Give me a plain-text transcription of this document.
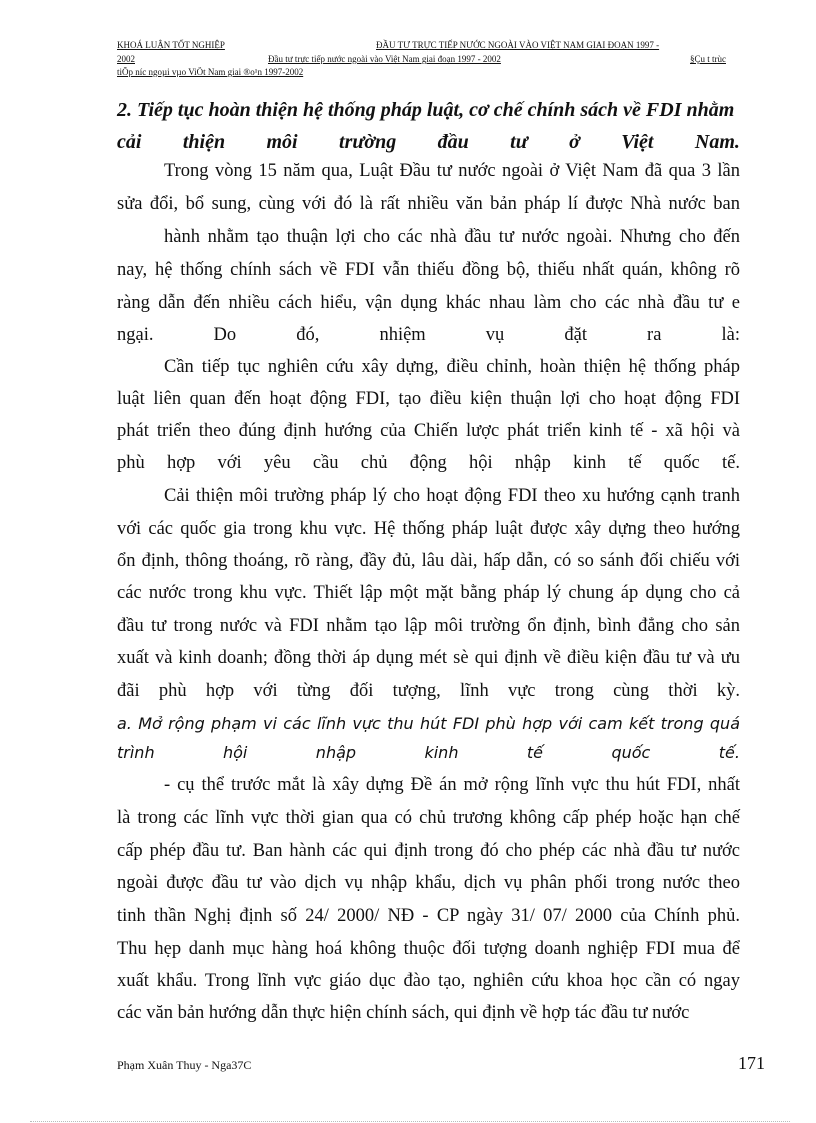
KHOÁ LUẬN TỐT NGHIỆP	ĐẦU TƯ TRỰC TIẾP NƯỚC NGOÀI VÀO VIỆT NAM GIAI ĐOẠN 1997 -
2002	Đầu tư trực tiếp nước ngoài vào Việt Nam giai đoạn 1997 - 2002	§Çu t trùc
tiÕp níc ngoµi vµo ViÖt Nam giai ®o¹n 1997-2002
2. Tiếp tục hoàn thiện hệ thống pháp luật, cơ chế chính sách về FDI nhằm
cải thiện môi trường đầu tư ở Việt Nam.
Trong vòng 15 năm qua, Luật Đầu tư nước ngoài ở Việt Nam đã qua 3 lần
sửa đổi, bổ sung, cùng với đó là rất nhiều văn bản pháp lí được Nhà nước ban
hành nhằm tạo thuận lợi cho các nhà đầu tư nước ngoài. Nhưng cho đến
nay, hệ thống chính sách về FDI vẫn thiếu đồng bộ, thiếu nhất quán, không rõ
ràng dẫn đến nhiều cách hiểu, vận dụng khác nhau làm cho các nhà đầu tư e
ngại. Do đó, nhiệm vụ đặt ra là:
Cần tiếp tục nghiên cứu xây dựng, điều chỉnh, hoàn thiện hệ thống pháp
luật liên quan đến hoạt động FDI, tạo điều kiện thuận lợi cho hoạt động FDI
phát triển theo đúng định hướng của Chiến lược phát triển kinh tế - xã hội và
phù hợp với yêu cầu chủ động hội nhập kinh tế quốc tế.
Cải thiện môi trường pháp lý cho hoạt động FDI theo xu hướng cạnh tranh
với các quốc gia trong khu vực. Hệ thống pháp luật được xây dựng theo hướng
ổn định, thông thoáng, rõ ràng, đầy đủ, lâu dài, hấp dẫn, có so sánh đối chiếu với
các nước trong khu vực. Thiết lập một mặt bằng pháp lý chung áp dụng cho cả
đầu tư trong nước và FDI nhằm tạo lập môi trường ổn định, bình đẳng cho sản
xuất và kinh doanh; đồng thời áp dụng mét sè qui định về điều kiện đầu tư và ưu
đãi phù hợp với từng đối tượng, lĩnh vực trong cùng thời kỳ.
a. Mở rộng phạm vi các lĩnh vực thu hút FDI phù hợp với cam kết trong quá
trình	hội	nhập	kinh	tế	quốc	tế.
- cụ thể trước mắt là xây dựng Đề án mở rộng lĩnh vực thu hút FDI, nhất
là trong các lĩnh vực thời gian qua có chủ trương không cấp phép hoặc hạn chế
cấp phép đầu tư. Ban hành các qui định trong đó cho phép các nhà đầu tư nước
ngoài được đầu tư vào dịch vụ nhập khẩu, dịch vụ phân phối trong nước theo
tinh thần Nghị định số 24/ 2000/ NĐ - CP ngày 31/ 07/ 2000 của Chính phủ.
Thu hẹp danh mục hàng hoá không thuộc đối tượng doanh nghiệp FDI mua để
xuất khẩu. Trong lĩnh vực giáo dục đào tạo, nghiên cứu khoa học cần có ngay
các văn bản hướng dẫn thực hiện chính sách, qui định về hợp tác đầu tư nước
Phạm Xuân Thuy - Nga37C	171
